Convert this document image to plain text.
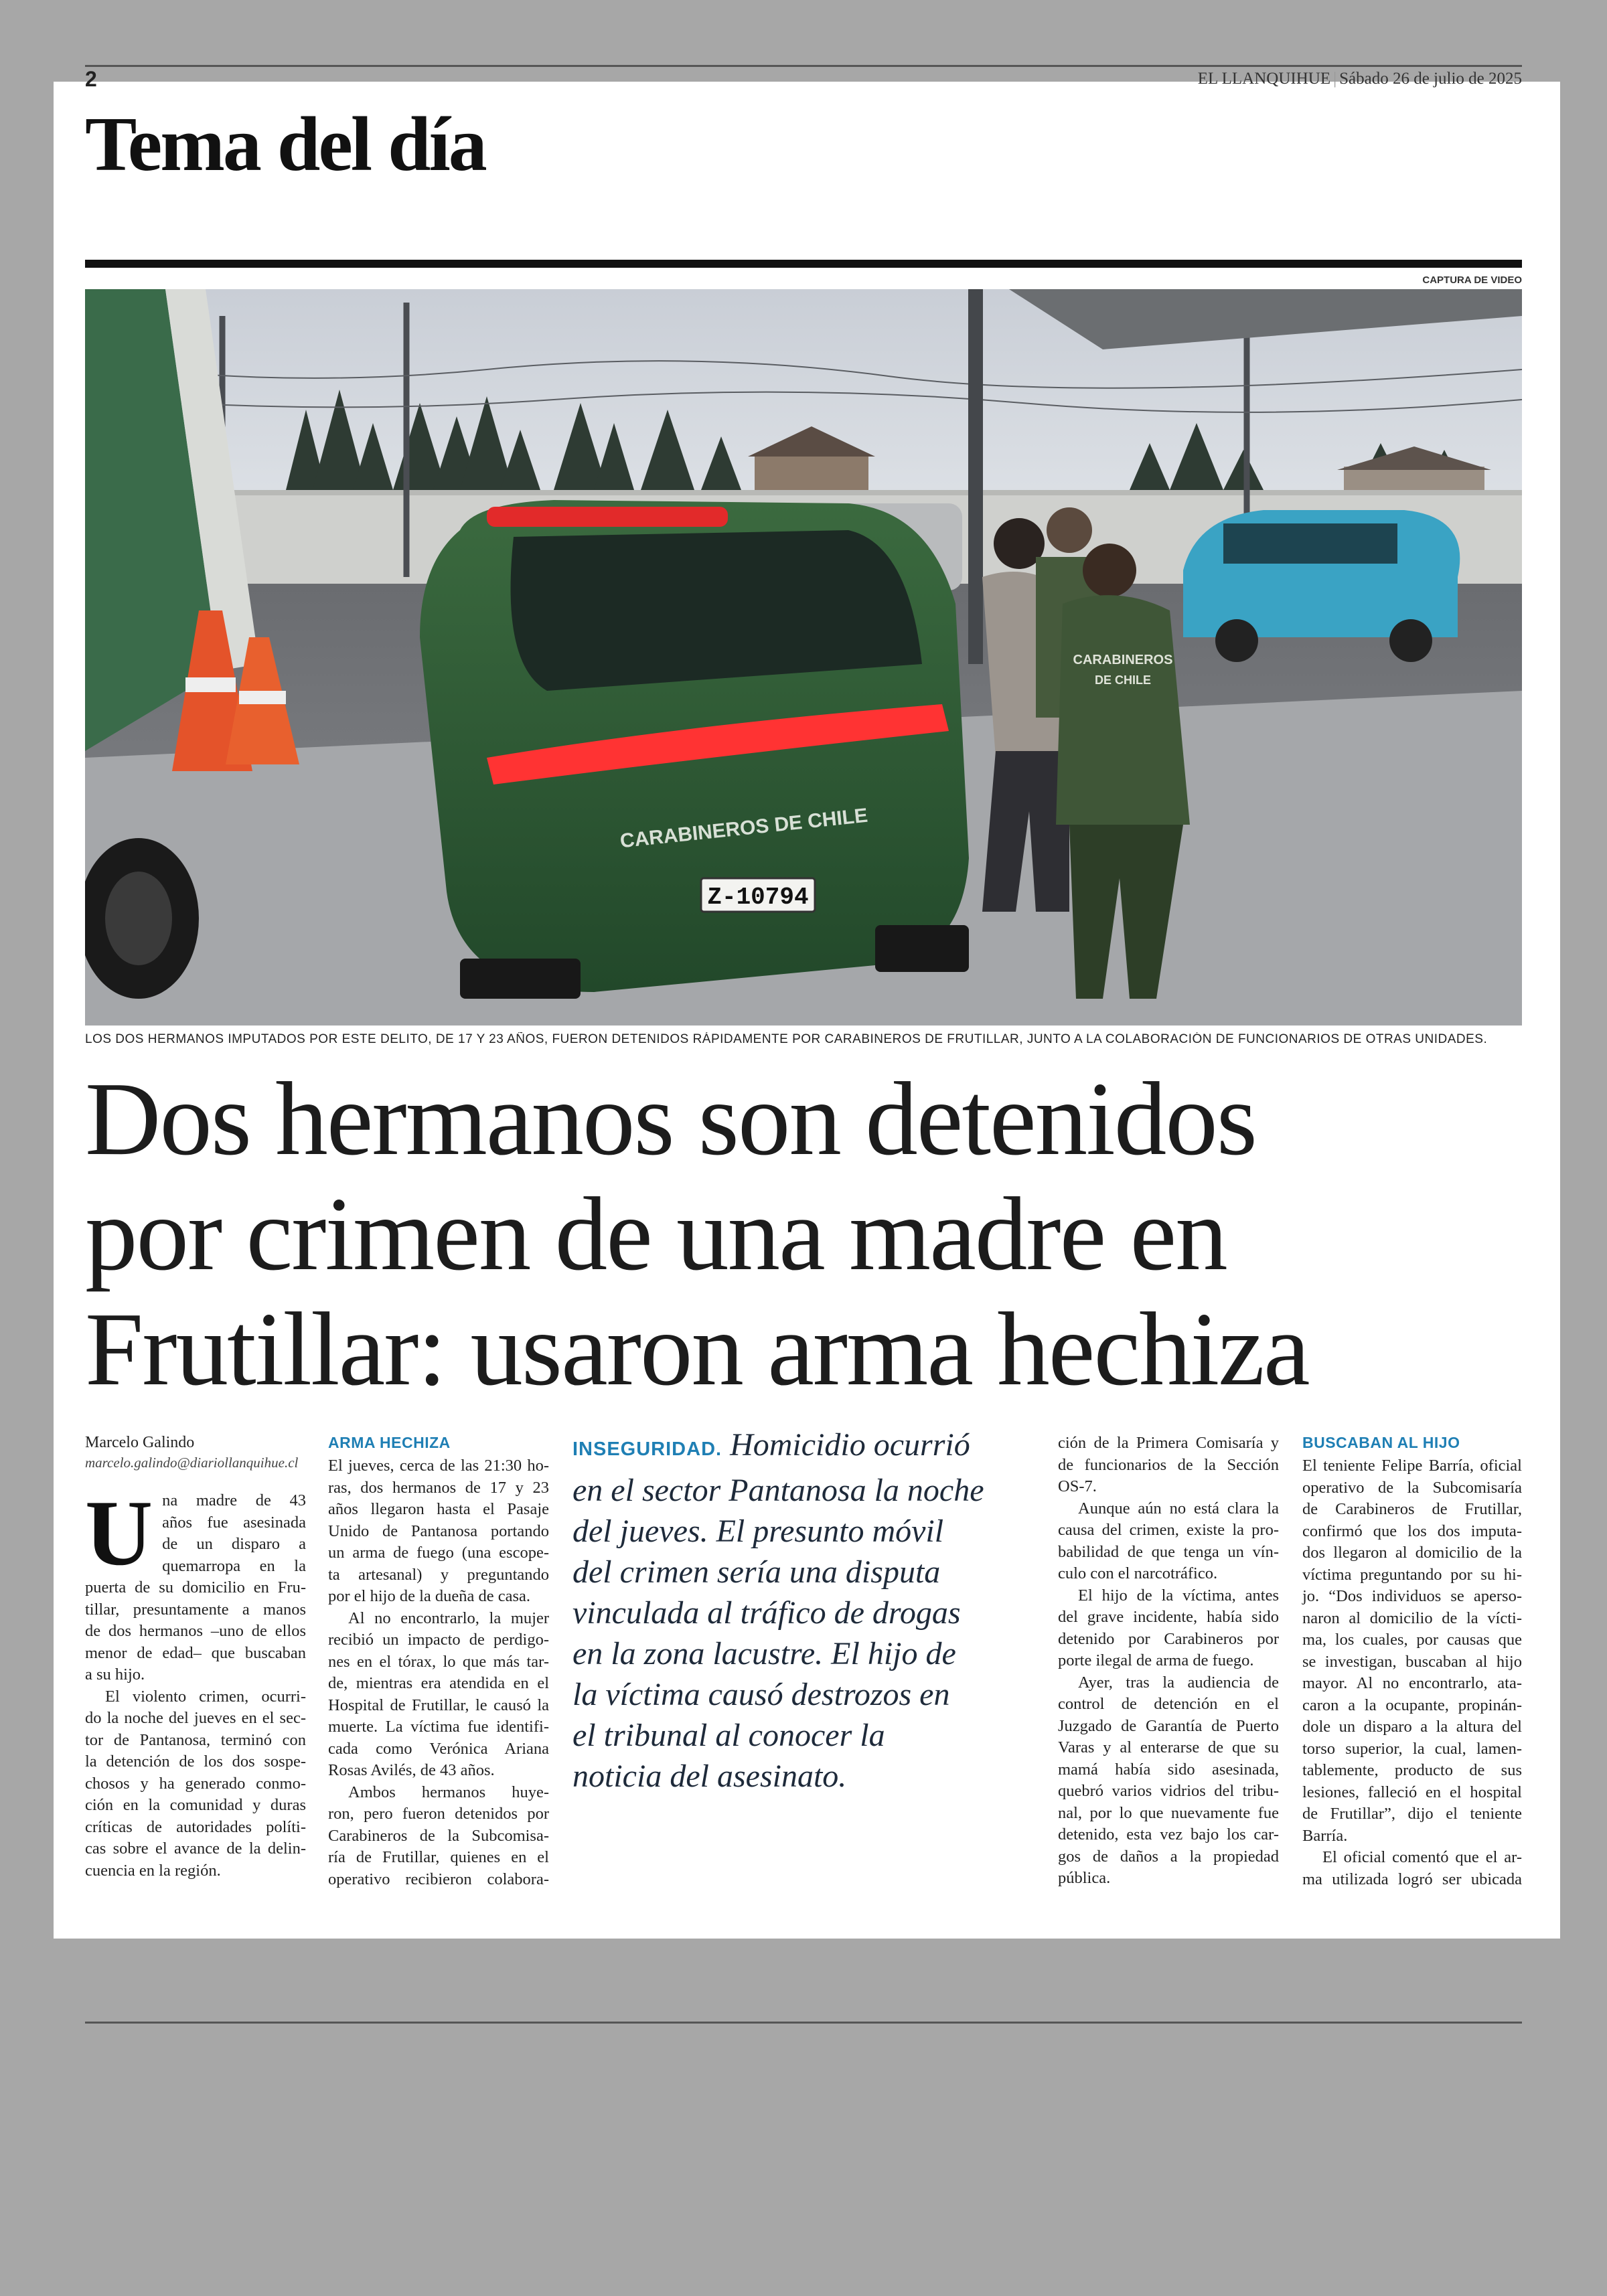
2	EL LLANQUIHUE | Sábado 26 de julio de 2025
Tema del día
CAPTURA DE VIDEO
Z-10794
CARABINEROS DE CHILE
CARABINEROS
DE CHILE
LOS DOS HERMANOS IMPUTADOS POR ESTE DELITO, DE 17 Y 23 AÑOS, FUERON DETENIDOS RÁPIDAMENTE POR CARABINEROS DE FRUTILLAR, JUNTO A LA COLABORACIÓN DE FUNCIONARIOS DE OTRAS UNIDADES.
Dos hermanos son detenidos
por crimen de una madre en
Frutillar: usaron arma hechiza
Marcelo Galindo
marcelo.galindo@diariollanquihue.cl
U na madre de 43
años fue asesinada
de un disparo a
quemarropa en la
puerta de su domicilio en Fru-
tillar, presuntamente a manos
de dos hermanos –uno de ellos
menor de edad– que buscaban
a su hijo.
El violento crimen, ocurri-
do la noche del jueves en el sec-
tor de Pantanosa, terminó con
la detención de los dos sospe-
chosos y ha generado conmo-
ción en la comunidad y duras
críticas de autoridades políti-
cas sobre el avance de la delin-
cuencia en la región.
ARMA HECHIZA
El jueves, cerca de las 21:30 ho-
ras, dos hermanos de 17 y 23
años llegaron hasta el Pasaje
Unido de Pantanosa portando
un arma de fuego (una escope-
ta artesanal) y preguntando
por el hijo de la dueña de casa.
Al no encontrarlo, la mujer
recibió un impacto de perdigo-
nes en el tórax, lo que más tar-
de, mientras era atendida en el
Hospital de Frutillar, le causó la
muerte. La víctima fue identifi-
cada como Verónica Ariana
Rosas Avilés, de 43 años.
Ambos hermanos huye-
ron, pero fueron detenidos por
Carabineros de la Subcomisa-
ría de Frutillar, quienes en el
operativo recibieron colabora-
INSEGURIDAD. Homicidio ocurrió
en el sector Pantanosa la noche
del jueves. El presunto móvil
del crimen sería una disputa
vinculada al tráfico de drogas
en la zona lacustre. El hijo de
la víctima causó destrozos en
el tribunal al conocer la
noticia del asesinato.
ción de la Primera Comisaría y
de funcionarios de la Sección
OS-7.
Aunque aún no está clara la
causa del crimen, existe la pro-
babilidad de que tenga un vín-
culo con el narcotráfico.
El hijo de la víctima, antes
del grave incidente, había sido
detenido por Carabineros por
porte ilegal de arma de fuego.
Ayer, tras la audiencia de
control de detención en el
Juzgado de Garantía de Puerto
Varas y al enterarse de que su
mamá había sido asesinada,
quebró varios vidrios del tribu-
nal, por lo que nuevamente fue
detenido, esta vez bajo los car-
gos de daños a la propiedad
pública.
BUSCABAN AL HIJO
El teniente Felipe Barría, oficial
operativo de la Subcomisaría
de Carabineros de Frutillar,
confirmó que los dos imputa-
dos llegaron al domicilio de la
víctima preguntando por su hi-
jo. “Dos individuos se aperso-
naron al domicilio de la vícti-
ma, los cuales, por causas que
se investigan, buscaban al hijo
mayor. Al no encontrarlo, ata-
caron a la ocupante, propinán-
dole un disparo a la altura del
torso superior, la cual, lamen-
tablemente, producto de sus
lesiones, falleció en el hospital
de Frutillar”, dijo el teniente
Barría.
El oficial comentó que el ar-
ma utilizada logró ser ubicada
